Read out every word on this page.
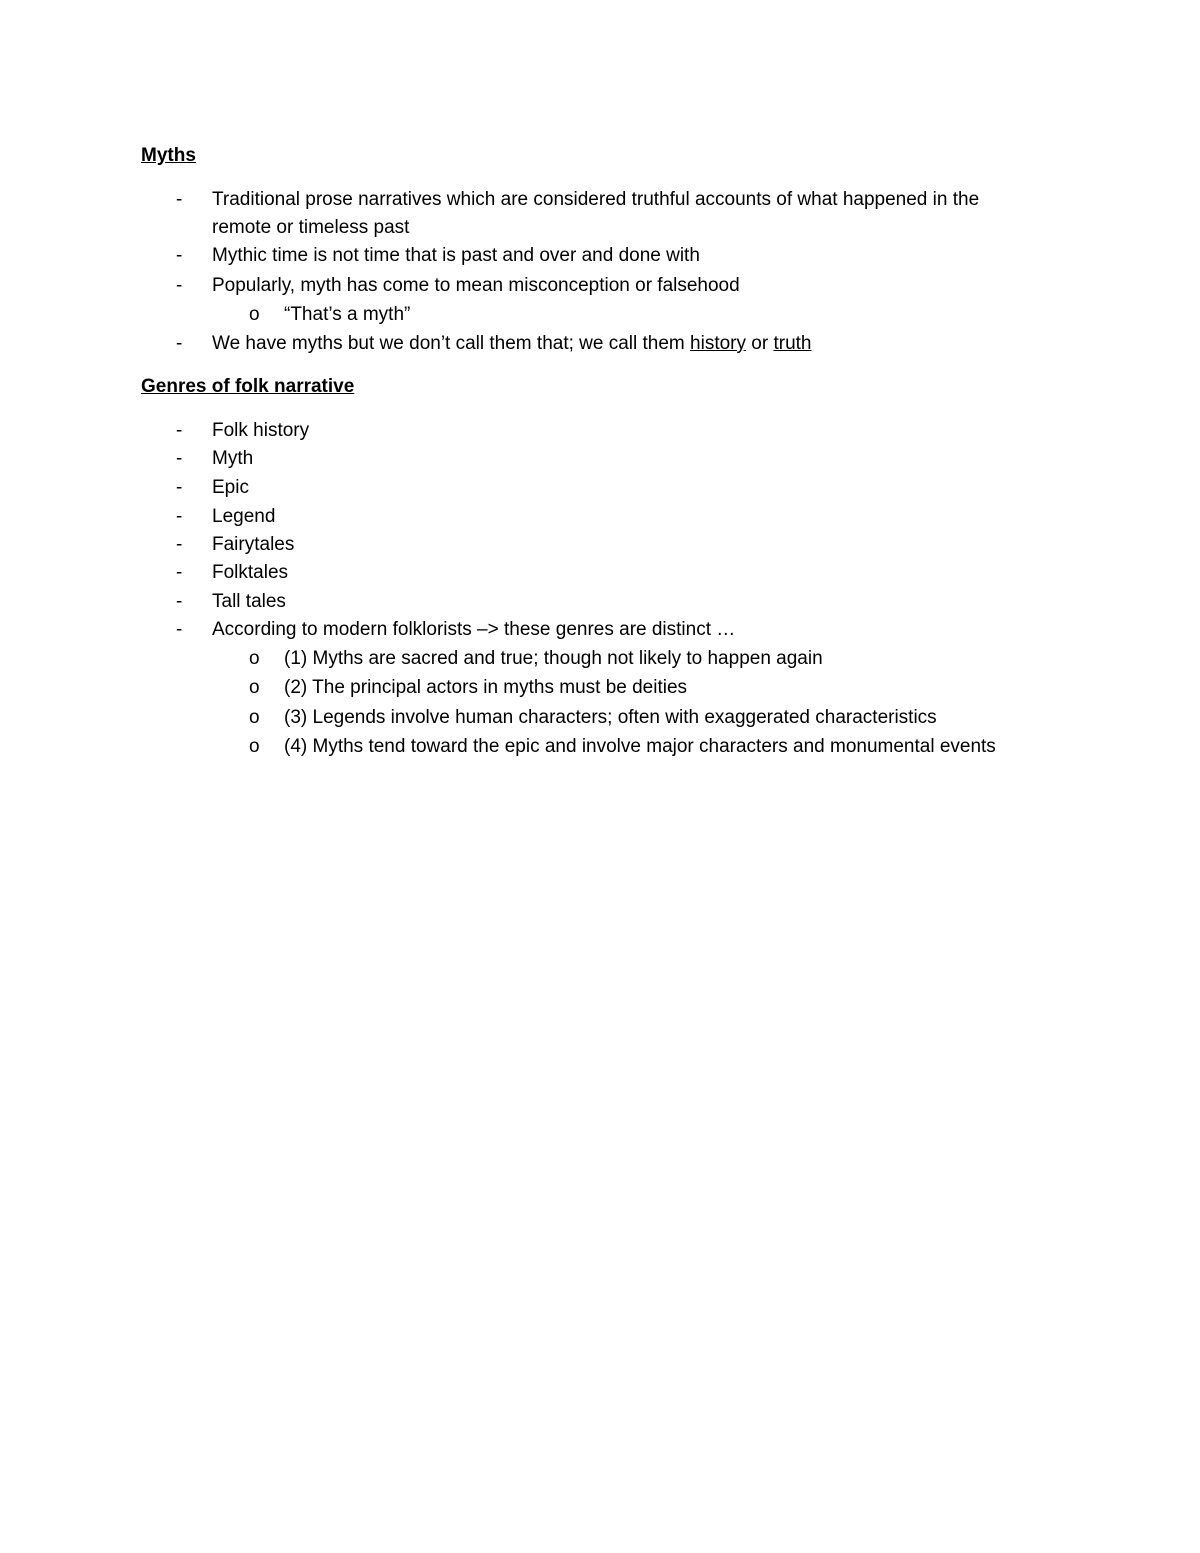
Myths
- Traditional prose narratives which are considered truthful accounts of what happened in the
remote or timeless past
- Mythic time is not time that is past and over and done with
- Popularly, myth has come to mean misconception or falsehood
o “That’s a myth”
- We have myths but we don’t call them that; we call them history or truth
Genres of folk narrative
- Folk history
- Myth
- Epic
- Legend
- Fairytales
- Folktales
- Tall tales
- According to modern folklorists –> these genres are distinct …
o (1) Myths are sacred and true; though not likely to happen again
o (2) The principal actors in myths must be deities
o (3) Legends involve human characters; often with exaggerated characteristics
o (4) Myths tend toward the epic and involve major characters and monumental events
